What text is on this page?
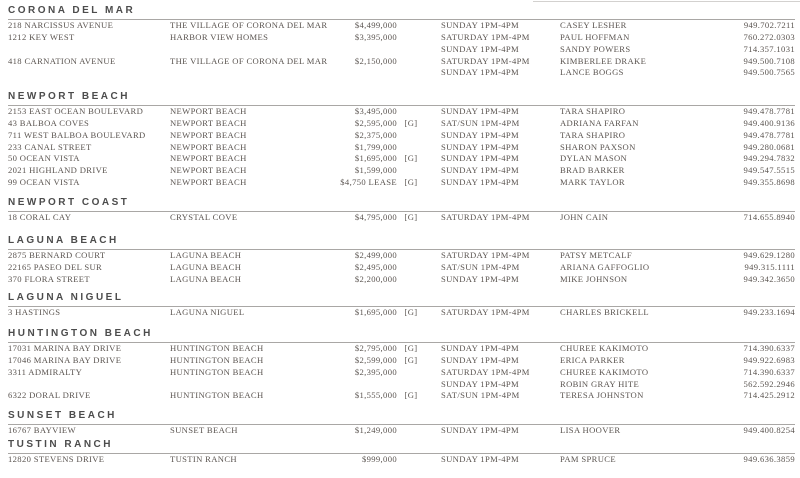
CORONA DEL MAR
218 NARCISSUS AVENUE	THE VILLAGE OF CORONA DEL MAR	$4,499,000	SUNDAY 1PM-4PM	CASEY LESHER	949.702.7211
1212 KEY WEST	HARBOR VIEW HOMES	$3,395,000	SATURDAY 1PM-4PM	PAUL HOFFMAN	760.272.0303
SUNDAY 1PM-4PM	SANDY POWERS	714.357.1031
418 CARNATION AVENUE	THE VILLAGE OF CORONA DEL MAR	$2,150,000	SATURDAY 1PM-4PM	KIMBERLEE DRAKE	949.500.7108
SUNDAY 1PM-4PM	LANCE BOGGS	949.500.7565
NEWPORT BEACH
2153 EAST OCEAN BOULEVARD	NEWPORT BEACH	$3,495,000	SUNDAY 1PM-4PM	TARA SHAPIRO	949.478.7781
43 BALBOA COVES	NEWPORT BEACH	$2,595,000 [G]	SAT/SUN 1PM-4PM	ADRIANA FARFAN	949.400.9136
711 WEST BALBOA BOULEVARD	NEWPORT BEACH	$2,375,000	SUNDAY 1PM-4PM	TARA SHAPIRO	949.478.7781
233 CANAL STREET	NEWPORT BEACH	$1,799,000	SUNDAY 1PM-4PM	SHARON PAXSON	949.280.0681
50 OCEAN VISTA	NEWPORT BEACH	$1,695,000 [G]	SUNDAY 1PM-4PM	DYLAN MASON	949.294.7832
2021 HIGHLAND DRIVE	NEWPORT BEACH	$1,599,000	SUNDAY 1PM-4PM	BRAD BARKER	949.547.5515
99 OCEAN VISTA	NEWPORT BEACH	$4,750 LEASE [G]	SUNDAY 1PM-4PM	MARK TAYLOR	949.355.8698
NEWPORT COAST
18 CORAL CAY	CRYSTAL COVE	$4,795,000 [G]	SATURDAY 1PM-4PM	JOHN CAIN	714.655.8940
LAGUNA BEACH
2875 BERNARD COURT	LAGUNA BEACH	$2,499,000	SATURDAY 1PM-4PM	PATSY METCALF	949.629.1280
22165 PASEO DEL SUR	LAGUNA BEACH	$2,495,000	SAT/SUN 1PM-4PM	ARIANA GAFFOGLIO	949.315.1111
370 FLORA STREET	LAGUNA BEACH	$2,200,000	SUNDAY 1PM-4PM	MIKE JOHNSON	949.342.3650
LAGUNA NIGUEL
3 HASTINGS	LAGUNA NIGUEL	$1,695,000 [G]	SATURDAY 1PM-4PM	CHARLES BRICKELL	949.233.1694
HUNTINGTON BEACH
17031 MARINA BAY DRIVE	HUNTINGTON BEACH	$2,795,000 [G]	SUNDAY 1PM-4PM	CHUREE KAKIMOTO	714.390.6337
17046 MARINA BAY DRIVE	HUNTINGTON BEACH	$2,599,000 [G]	SUNDAY 1PM-4PM	ERICA PARKER	949.922.6983
3311 ADMIRALTY	HUNTINGTON BEACH	$2,395,000	SATURDAY 1PM-4PM	CHUREE KAKIMOTO	714.390.6337
SUNDAY 1PM-4PM	ROBIN GRAY HITE	562.592.2946
6322 DORAL DRIVE	HUNTINGTON BEACH	$1,555,000 [G]	SAT/SUN 1PM-4PM	TERESA JOHNSTON	714.425.2912
SUNSET BEACH
16767 BAYVIEW	SUNSET BEACH	$1,249,000	SUNDAY 1PM-4PM	LISA HOOVER	949.400.8254
TUSTIN RANCH
12820 STEVENS DRIVE	TUSTIN RANCH	$999,000	SUNDAY 1PM-4PM	PAM SPRUCE	949.636.3859
